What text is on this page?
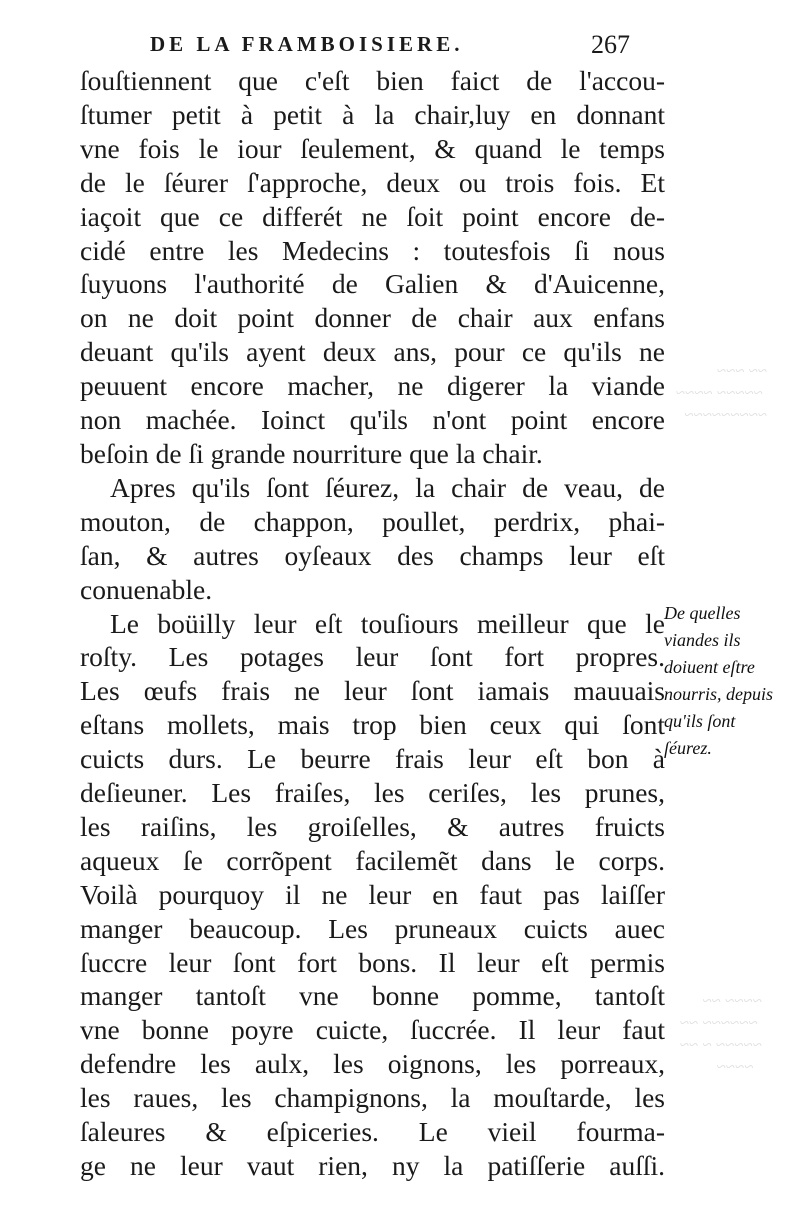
~~ ~~~
~~~~~ ~~~~
~~~~~~~~~
~~~~ ~~
~~~~~~ ~~
~~~~~ ~ ~~
~~~~
DE LA FRAMBOISIERE.	267
ſouſtiennent que c'eſt bien faict de l'accou-
ſtumer petit à petit à la chair,luy en donnant
vne fois le iour ſeulement, & quand le temps
de le ſéurer ſ'approche, deux ou trois fois. Et
iaçoit que ce differét ne ſoit point encore de-
cidé entre les Medecins : toutesfois ſi nous
ſuyuons l'authorité de Galien & d'Auicenne,
on ne doit point donner de chair aux enfans
deuant qu'ils ayent deux ans, pour ce qu'ils ne
peuuent encore macher, ne digerer la viande
non machée. Ioinct qu'ils n'ont point encore
beſoin de ſi grande nourriture que la chair.
Apres qu'ils ſont ſéurez, la chair de veau, de
mouton, de chappon, poullet, perdrix, phai-
ſan, & autres oyſeaux des champs leur eſt
conuenable.
Le boüilly leur eſt touſiours meilleur que le
roſty. Les potages leur ſont fort propres.
Les œufs frais ne leur ſont iamais mauuais
eſtans mollets, mais trop bien ceux qui ſont
cuicts durs. Le beurre frais leur eſt bon à
deſieuner. Les fraiſes, les ceriſes, les prunes,
les raiſins, les groiſelles, & autres fruicts
aqueux ſe corrõpent facilemẽt dans le corps.
Voilà pourquoy il ne leur en faut pas laiſſer
manger beaucoup. Les pruneaux cuicts auec
ſuccre leur ſont fort bons. Il leur eſt permis
manger tantoſt vne bonne pomme, tantoſt
vne bonne poyre cuicte, ſuccrée. Il leur faut
defendre les aulx, les oignons, les porreaux,
les raues, les champignons, la mouſtarde, les
ſaleures & eſpiceries. Le vieil fourma-
ge ne leur vaut rien, ny la patiſſerie auſſi.
De quelles
viandes ils
doiuent eſtre
nourris, depuis
qu'ils ſont
ſéurez.
